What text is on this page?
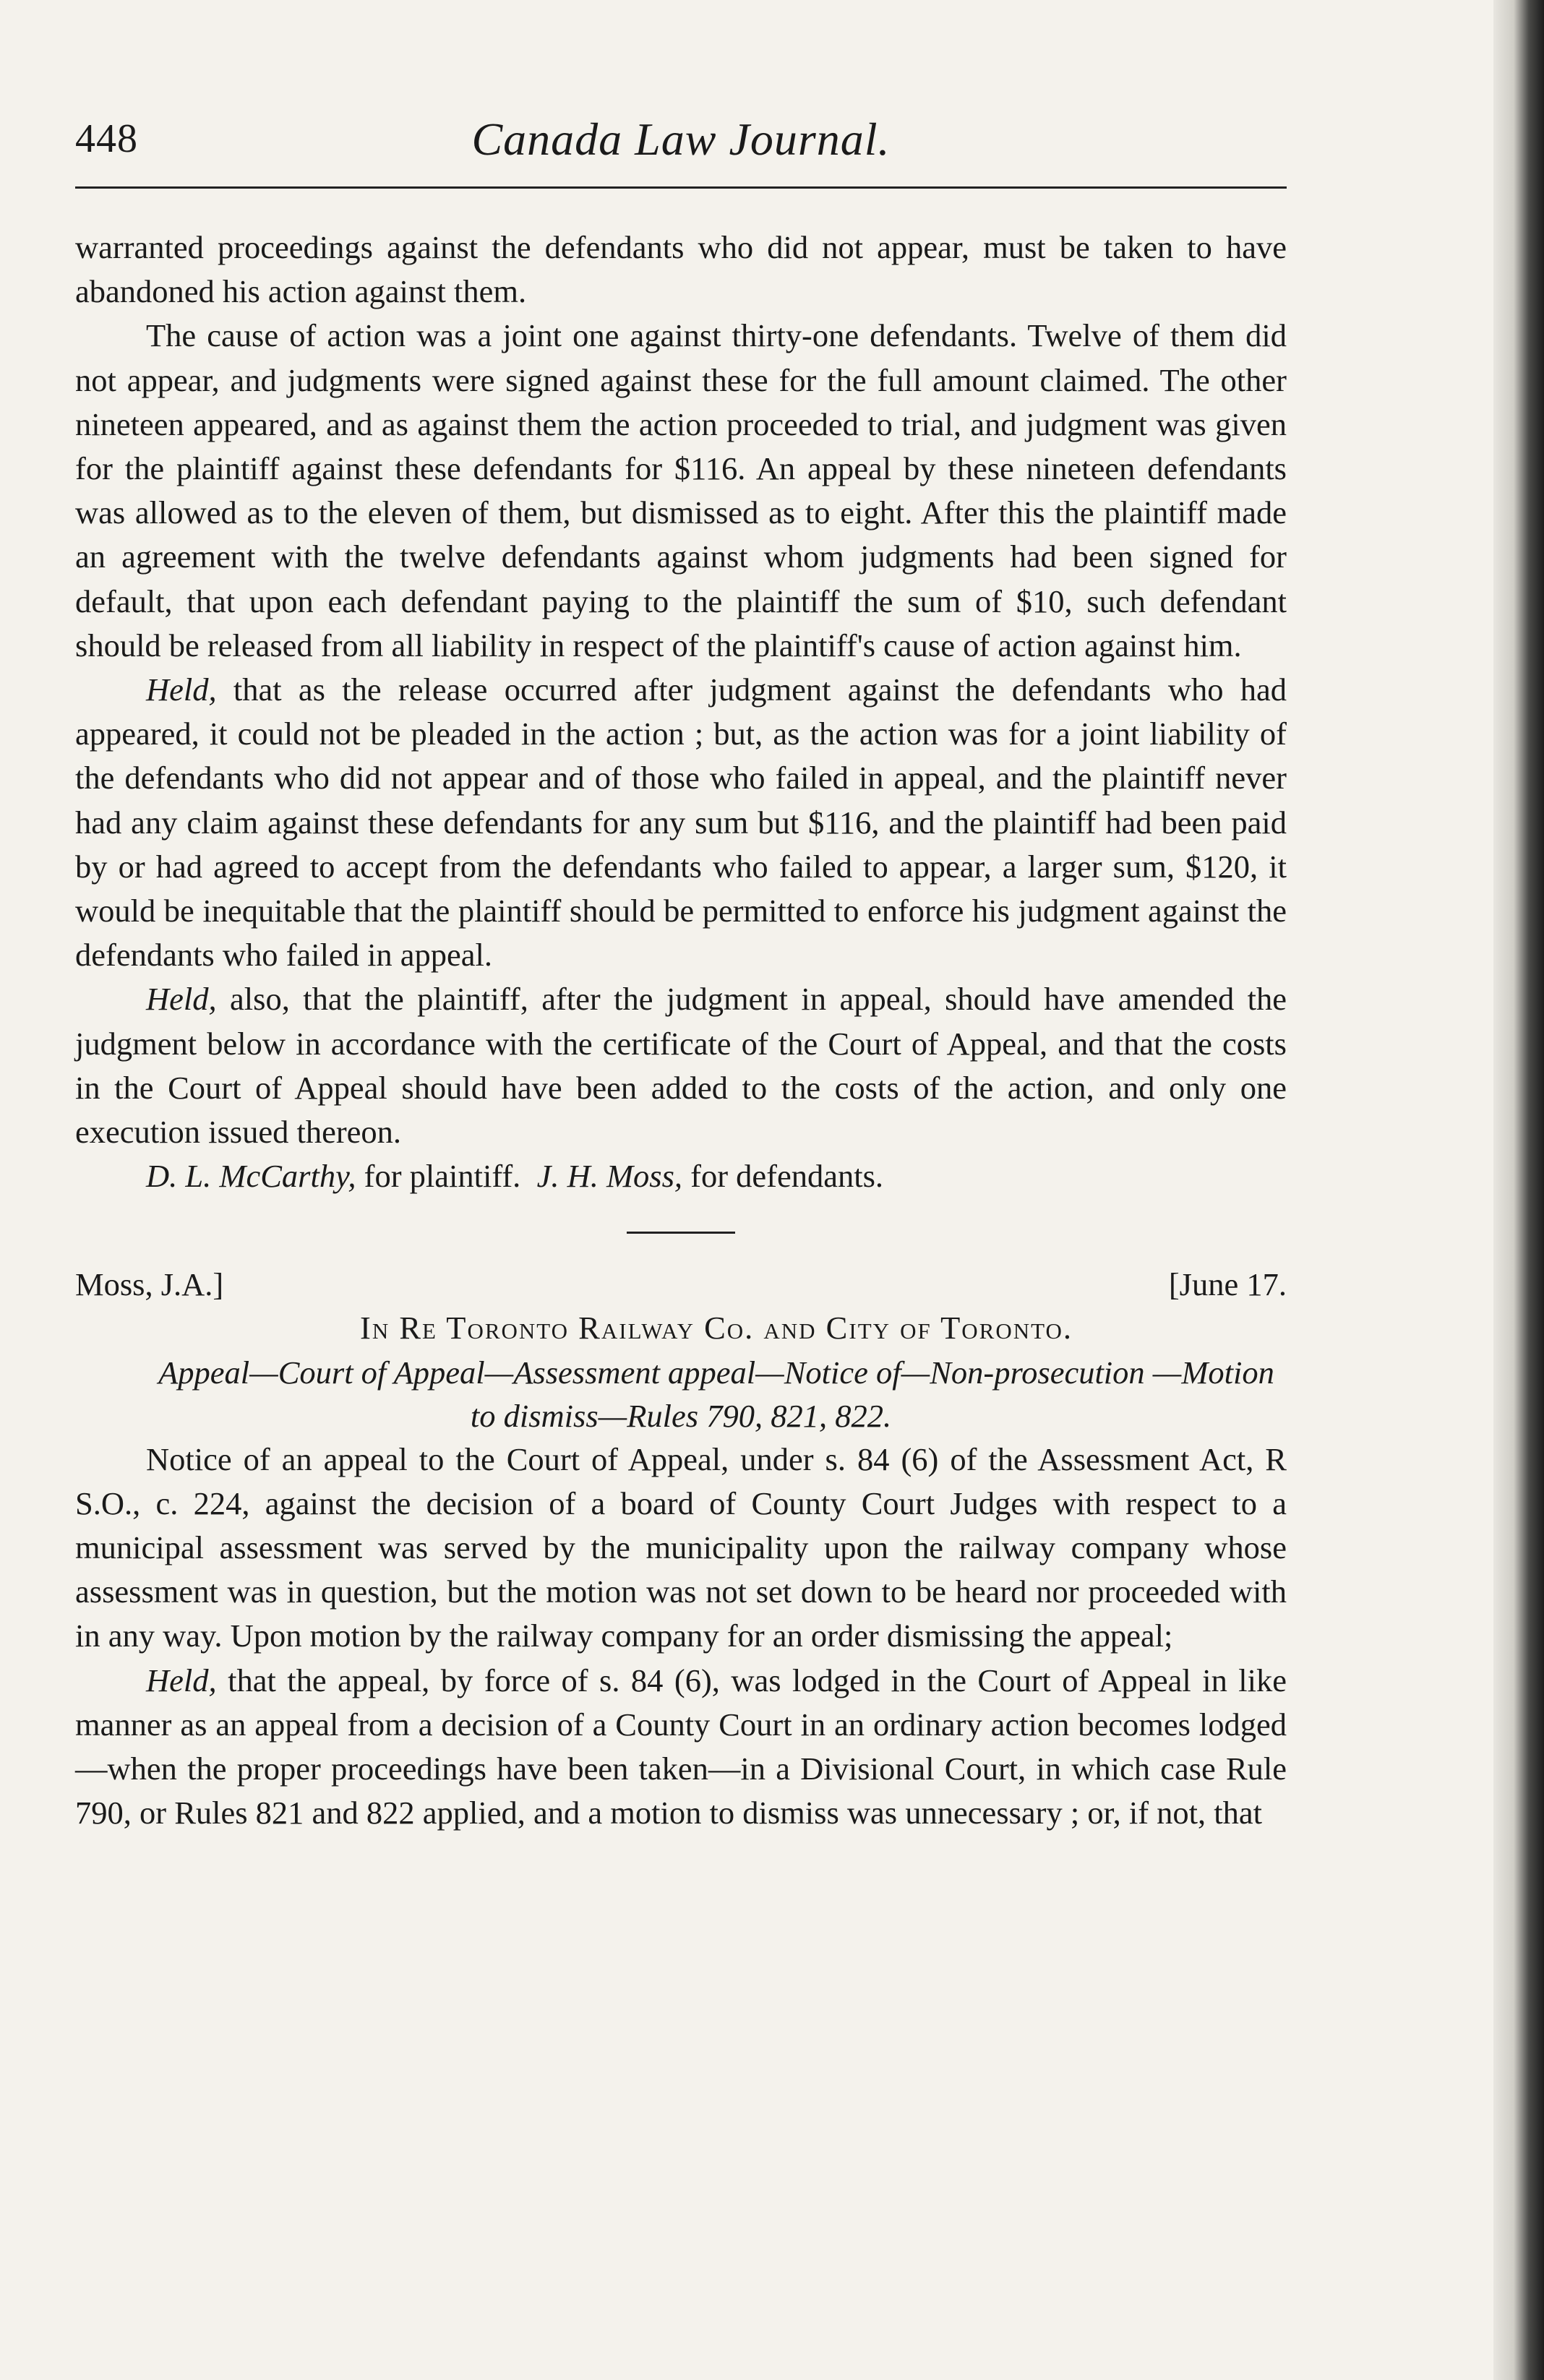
448	Canada Law Journal.

warranted proceedings against the defendants who did not appear, must be taken to have abandoned his action against them.

The cause of action was a joint one against thirty-one defendants. Twelve of them did not appear, and judgments were signed against these for the full amount claimed. The other nineteen appeared, and as against them the action proceeded to trial, and judgment was given for the plaintiff against these defendants for $116. An appeal by these nineteen defendants was allowed as to the eleven of them, but dismissed as to eight. After this the plaintiff made an agreement with the twelve defendants against whom judgments had been signed for default, that upon each defendant paying to the plaintiff the sum of $10, such defendant should be released from all liability in respect of the plaintiff's cause of action against him.

Held, that as the release occurred after judgment against the defendants who had appeared, it could not be pleaded in the action ; but, as the action was for a joint liability of the defendants who did not appear and of those who failed in appeal, and the plaintiff never had any claim against these defendants for any sum but $116, and the plaintiff had been paid by or had agreed to accept from the defendants who failed to appear, a larger sum, $120, it would be inequitable that the plaintiff should be permitted to enforce his judgment against the defendants who failed in appeal.

Held, also, that the plaintiff, after the judgment in appeal, should have amended the judgment below in accordance with the certificate of the Court of Appeal, and that the costs in the Court of Appeal should have been added to the costs of the action, and only one execution issued thereon.

D. L. McCarthy, for plaintiff. J. H. Moss, for defendants.

Moss, J.A.]	[June 17.

In Re Toronto Railway Co. and City of Toronto.

Appeal—Court of Appeal—Assessment appeal—Notice of—Non-prosecution —Motion to dismiss—Rules 790, 821, 822.

Notice of an appeal to the Court of Appeal, under s. 84 (6) of the Assessment Act, R S.O., c. 224, against the decision of a board of County Court Judges with respect to a municipal assessment was served by the municipality upon the railway company whose assessment was in question, but the motion was not set down to be heard nor proceeded with in any way. Upon motion by the railway company for an order dismissing the appeal;

Held, that the appeal, by force of s. 84 (6), was lodged in the Court of Appeal in like manner as an appeal from a decision of a County Court in an ordinary action becomes lodged—when the proper proceedings have been taken—in a Divisional Court, in which case Rule 790, or Rules 821 and 822 applied, and a motion to dismiss was unnecessary ; or, if not, that
